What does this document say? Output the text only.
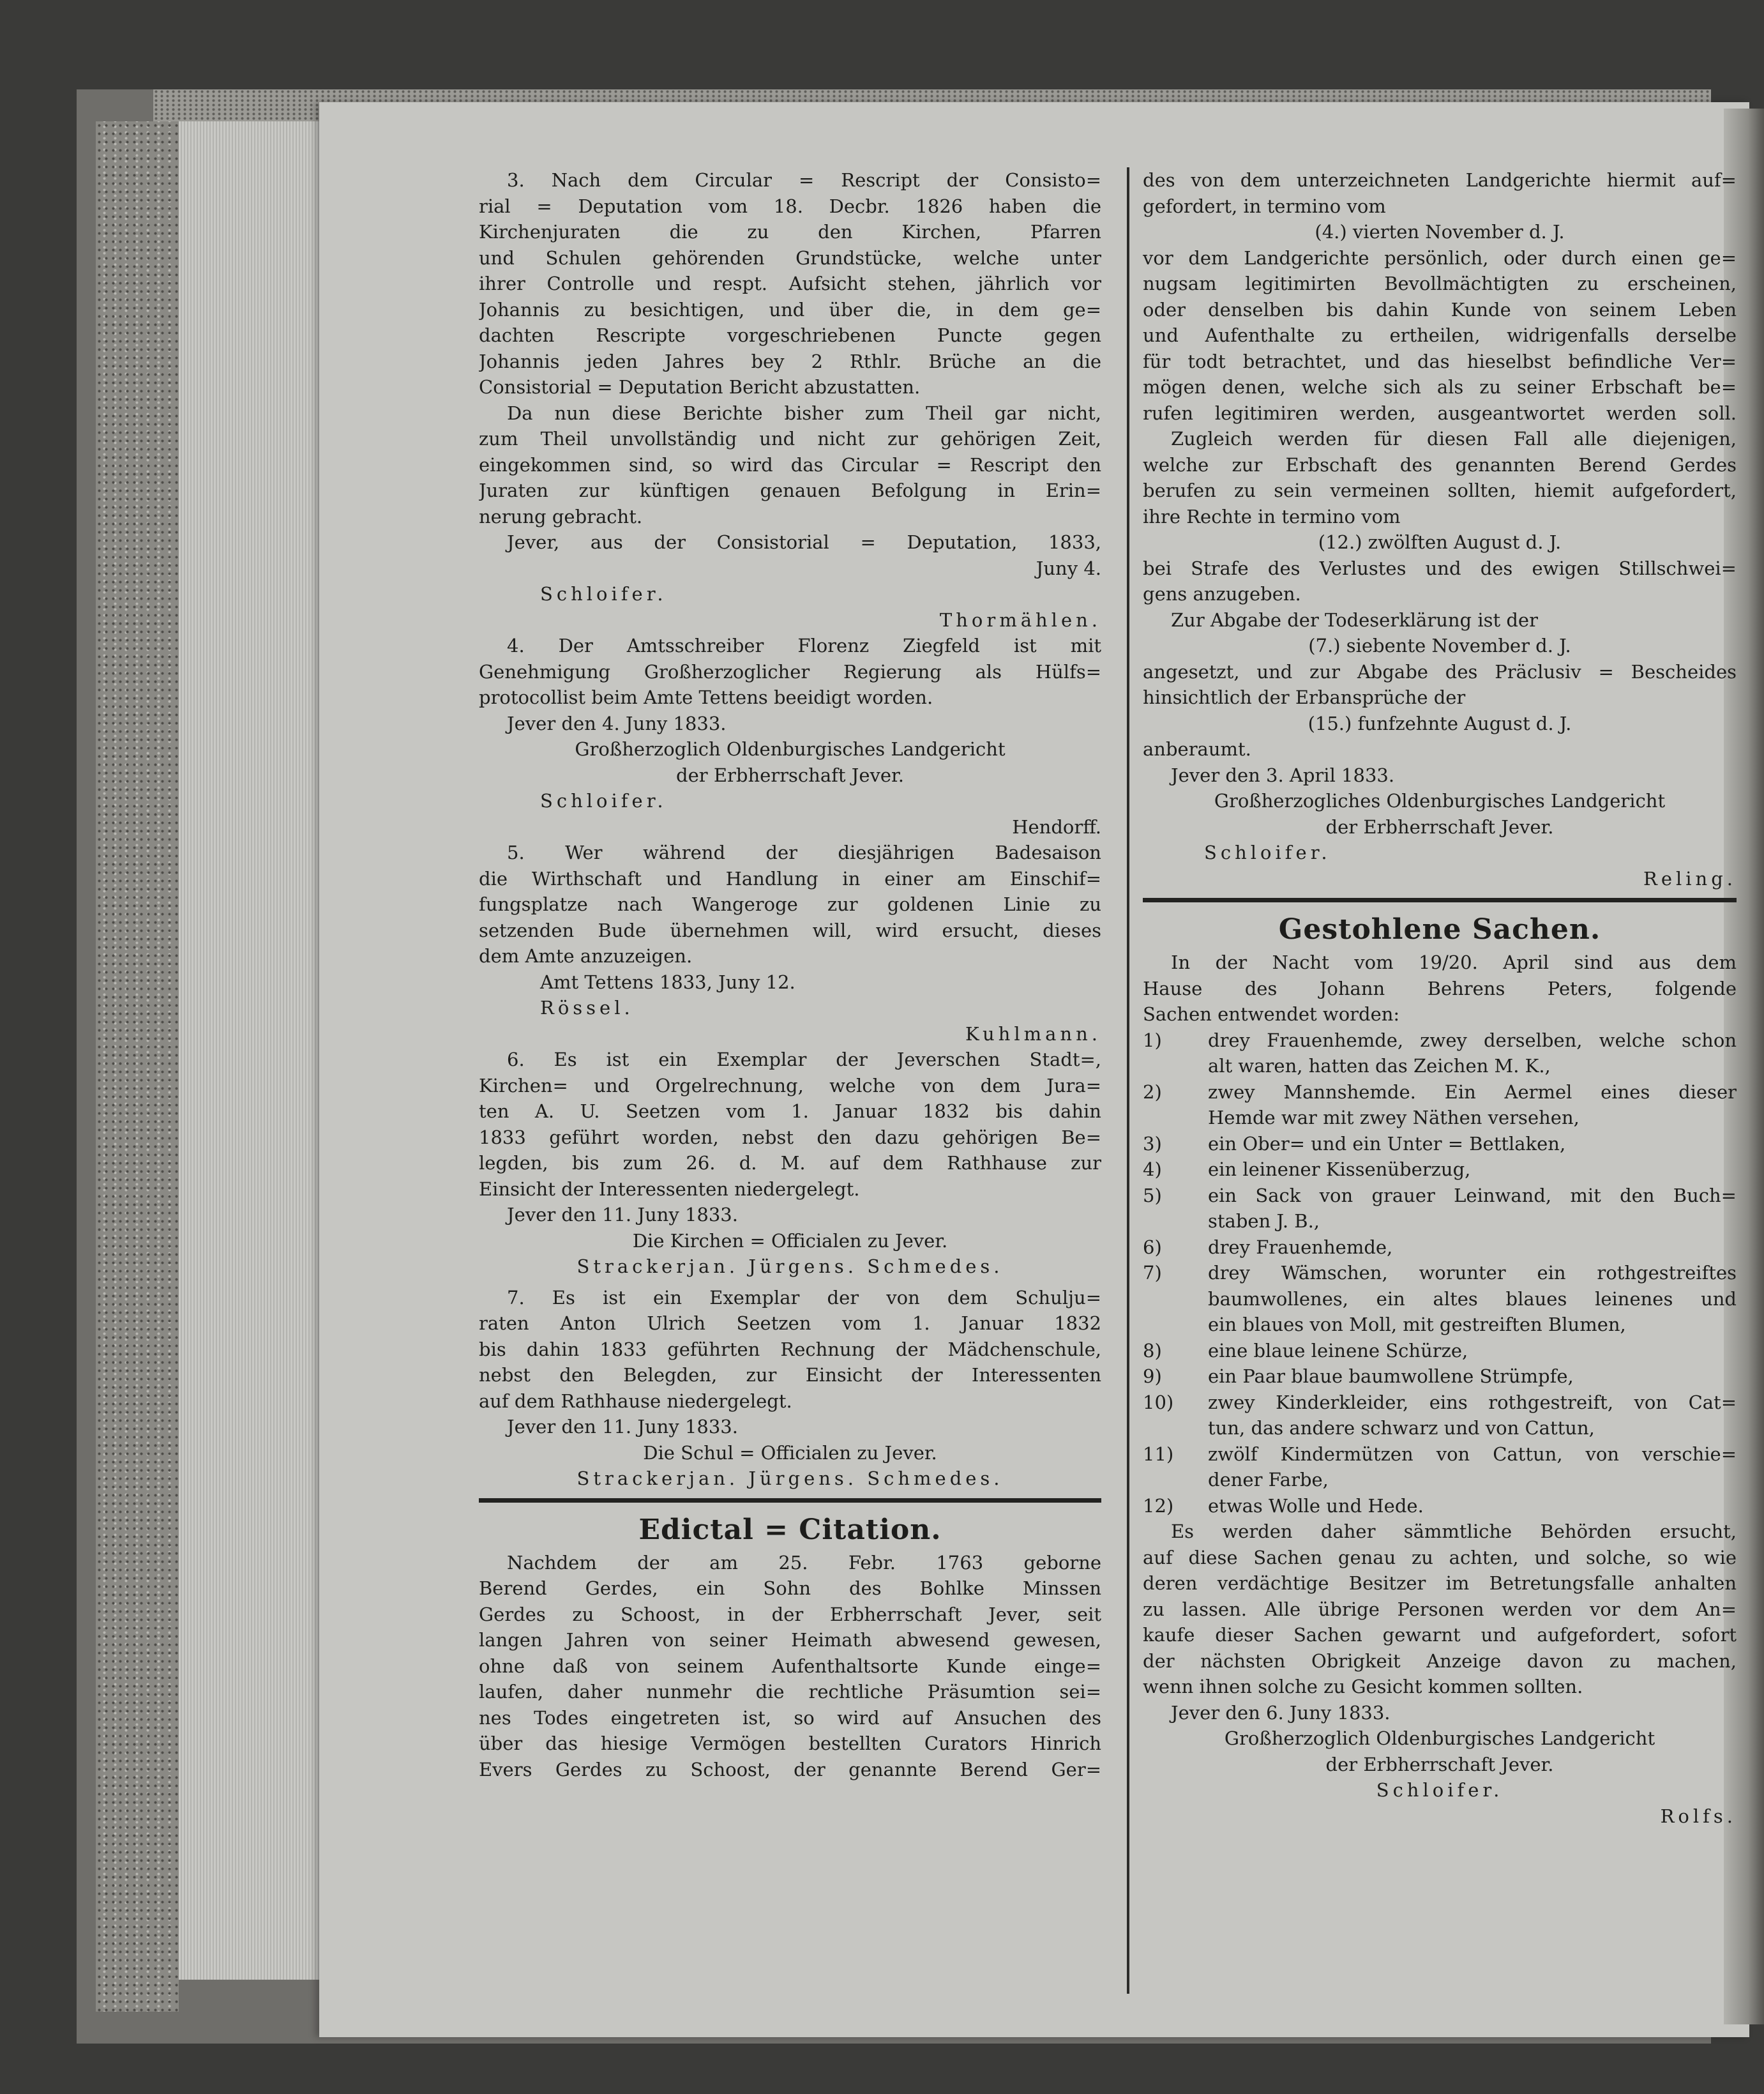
3. Nach dem Circular = Rescript der Consisto=
rial = Deputation vom 18. Decbr. 1826 haben die
Kirchenjuraten die zu den Kirchen, Pfarren
und Schulen gehörenden Grundstücke, welche unter
ihrer Controlle und respt. Aufsicht stehen, jährlich vor
Johannis zu besichtigen, und über die, in dem ge=
dachten Rescripte vorgeschriebenen Puncte gegen
Johannis jeden Jahres bey 2 Rthlr. Brüche an die
Consistorial = Deputation Bericht abzustatten.
Da nun diese Berichte bisher zum Theil gar nicht,
zum Theil unvollständig und nicht zur gehörigen Zeit,
eingekommen sind, so wird das Circular = Rescript den
Juraten zur künftigen genauen Befolgung in Erin=
nerung gebracht.
Jever, aus der Consistorial = Deputation, 1833,
Juny 4.
Schloifer.
Thormählen.
4. Der Amtsschreiber Florenz Ziegfeld ist mit
Genehmigung Großherzoglicher Regierung als Hülfs=
protocollist beim Amte Tettens beeidigt worden.
Jever den 4. Juny 1833.
Großherzoglich Oldenburgisches Landgericht
der Erbherrschaft Jever.
Schloifer.
Hendorff.
5. Wer während der diesjährigen Badesaison
die Wirthschaft und Handlung in einer am Einschif=
fungsplatze nach Wangeroge zur goldenen Linie zu
setzenden Bude übernehmen will, wird ersucht, dieses
dem Amte anzuzeigen.
Amt Tettens 1833, Juny 12.
Rössel.
Kuhlmann.
6. Es ist ein Exemplar der Jeverschen Stadt=,
Kirchen= und Orgelrechnung, welche von dem Jura=
ten A. U. Seetzen vom 1. Januar 1832 bis dahin
1833 geführt worden, nebst den dazu gehörigen Be=
legden, bis zum 26. d. M. auf dem Rathhause zur
Einsicht der Interessenten niedergelegt.
Jever den 11. Juny 1833.
Die Kirchen = Officialen zu Jever.
Strackerjan. Jürgens. Schmedes.
7. Es ist ein Exemplar der von dem Schulju=
raten Anton Ulrich Seetzen vom 1. Januar 1832
bis dahin 1833 geführten Rechnung der Mädchenschule,
nebst den Belegden, zur Einsicht der Interessenten
auf dem Rathhause niedergelegt.
Jever den 11. Juny 1833.
Die Schul = Officialen zu Jever.
Strackerjan. Jürgens. Schmedes.
Edictal = Citation.
Nachdem der am 25. Febr. 1763 geborne
Berend Gerdes, ein Sohn des Bohlke Minssen
Gerdes zu Schoost, in der Erbherrschaft Jever, seit
langen Jahren von seiner Heimath abwesend gewesen,
ohne daß von seinem Aufenthaltsorte Kunde einge=
laufen, daher nunmehr die rechtliche Präsumtion sei=
nes Todes eingetreten ist, so wird auf Ansuchen des
über das hiesige Vermögen bestellten Curators Hinrich
Evers Gerdes zu Schoost, der genannte Berend Ger=
des von dem unterzeichneten Landgerichte hiermit auf=
gefordert, in termino vom
(4.) vierten November d. J.
vor dem Landgerichte persönlich, oder durch einen ge=
nugsam legitimirten Bevollmächtigten zu erscheinen,
oder denselben bis dahin Kunde von seinem Leben
und Aufenthalte zu ertheilen, widrigenfalls derselbe
für todt betrachtet, und das hieselbst befindliche Ver=
mögen denen, welche sich als zu seiner Erbschaft be=
rufen legitimiren werden, ausgeantwortet werden soll.
Zugleich werden für diesen Fall alle diejenigen,
welche zur Erbschaft des genannten Berend Gerdes
berufen zu sein vermeinen sollten, hiemit aufgefordert,
ihre Rechte in termino vom
(12.) zwölften August d. J.
bei Strafe des Verlustes und des ewigen Stillschwei=
gens anzugeben.
Zur Abgabe der Todeserklärung ist der
(7.) siebente November d. J.
angesetzt, und zur Abgabe des Präclusiv = Bescheides
hinsichtlich der Erbansprüche der
(15.) funfzehnte August d. J.
anberaumt.
Jever den 3. April 1833.
Großherzogliches Oldenburgisches Landgericht
der Erbherrschaft Jever.
Schloifer.
Reling.
Gestohlene Sachen.
In der Nacht vom 19/20. April sind aus dem
Hause des Johann Behrens Peters, folgende
Sachen entwendet worden:
1)	drey Frauenhemde, zwey derselben, welche schon
alt waren, hatten das Zeichen M. K.,
2)	zwey Mannshemde. Ein Aermel eines dieser
Hemde war mit zwey Näthen versehen,
3)	ein Ober= und ein Unter = Bettlaken,
4)	ein leinener Kissenüberzug,
5)	ein Sack von grauer Leinwand, mit den Buch=
staben J. B.,
6)	drey Frauenhemde,
7)	drey Wämschen, worunter ein rothgestreiftes
baumwollenes, ein altes blaues leinenes und
ein blaues von Moll, mit gestreiften Blumen,
8)	eine blaue leinene Schürze,
9)	ein Paar blaue baumwollene Strümpfe,
10)	zwey Kinderkleider, eins rothgestreift, von Cat=
tun, das andere schwarz und von Cattun,
11)	zwölf Kindermützen von Cattun, von verschie=
dener Farbe,
12)	etwas Wolle und Hede.
Es werden daher sämmtliche Behörden ersucht,
auf diese Sachen genau zu achten, und solche, so wie
deren verdächtige Besitzer im Betretungsfalle anhalten
zu lassen. Alle übrige Personen werden vor dem An=
kaufe dieser Sachen gewarnt und aufgefordert, sofort
der nächsten Obrigkeit Anzeige davon zu machen,
wenn ihnen solche zu Gesicht kommen sollten.
Jever den 6. Juny 1833.
Großherzoglich Oldenburgisches Landgericht
der Erbherrschaft Jever.
Schloifer.
Rolfs.
